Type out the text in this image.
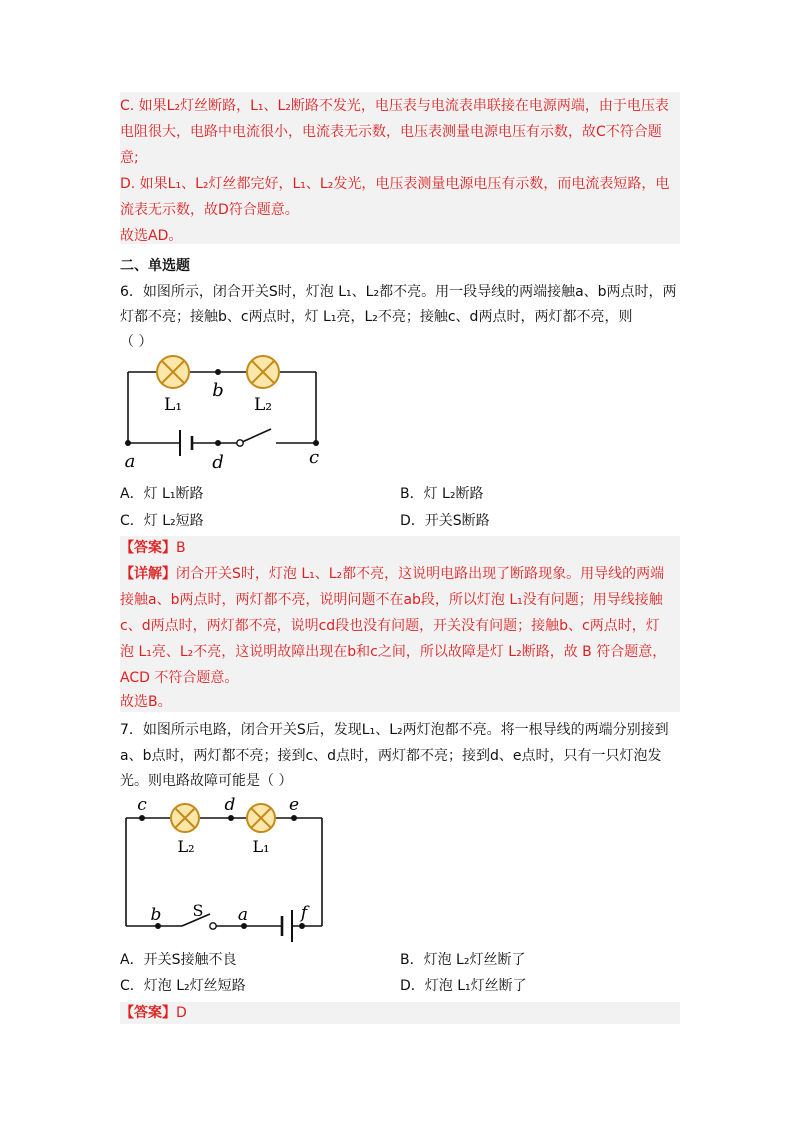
C. 如果L₂灯丝断路，L₁、L₂断路不发光，电压表与电流表串联接在电源两端，由于电压表
电阻很大，电路中电流很小，电流表无示数，电压表测量电源电压有示数，故C不符合题
意;
D. 如果L₁、L₂灯丝都完好，L₁、L₂发光，电压表测量电源电压有示数，而电流表短路，电
流表无示数，故D符合题意。
故选AD。
二、单选题
6．如图所示，闭合开关S时，灯泡 L₁、L₂都不亮。用一段导线的两端接触a、b两点时，两
灯都不亮；接触b、c两点时，灯 L₁亮，L₂不亮；接触c、d两点时，两灯都不亮，则
（ ）
L₁	L₂
b
a	d	c
A．灯 L₁断路	B．灯 L₂断路
C．灯 L₂短路	D．开关S断路
【答案】B
【详解】闭合开关S时，灯泡 L₁、L₂都不亮，这说明电路出现了断路现象。用导线的两端
接触a、b两点时，两灯都不亮，说明问题不在ab段，所以灯泡 L₁没有问题；用导线接触
c、d两点时，两灯都不亮，说明cd段也没有问题，开关没有问题；接触b、c两点时，灯
泡 L₁亮、L₂不亮，这说明故障出现在b和c之间，所以故障是灯 L₂断路，故 B 符合题意，
ACD 不符合题意。
故选B。
7．如图所示电路，闭合开关S后，发现L₁、L₂两灯泡都不亮。将一根导线的两端分别接到
a、b点时，两灯都不亮；接到c、d点时，两灯都不亮；接到d、e点时，只有一只灯泡发
光。则电路故障可能是（ ）
c	d	e
L₂	L₁
b S a	f
A．开关S接触不良	B．灯泡 L₂灯丝断了
C．灯泡 L₂灯丝短路	D．灯泡 L₁灯丝断了
【答案】D
